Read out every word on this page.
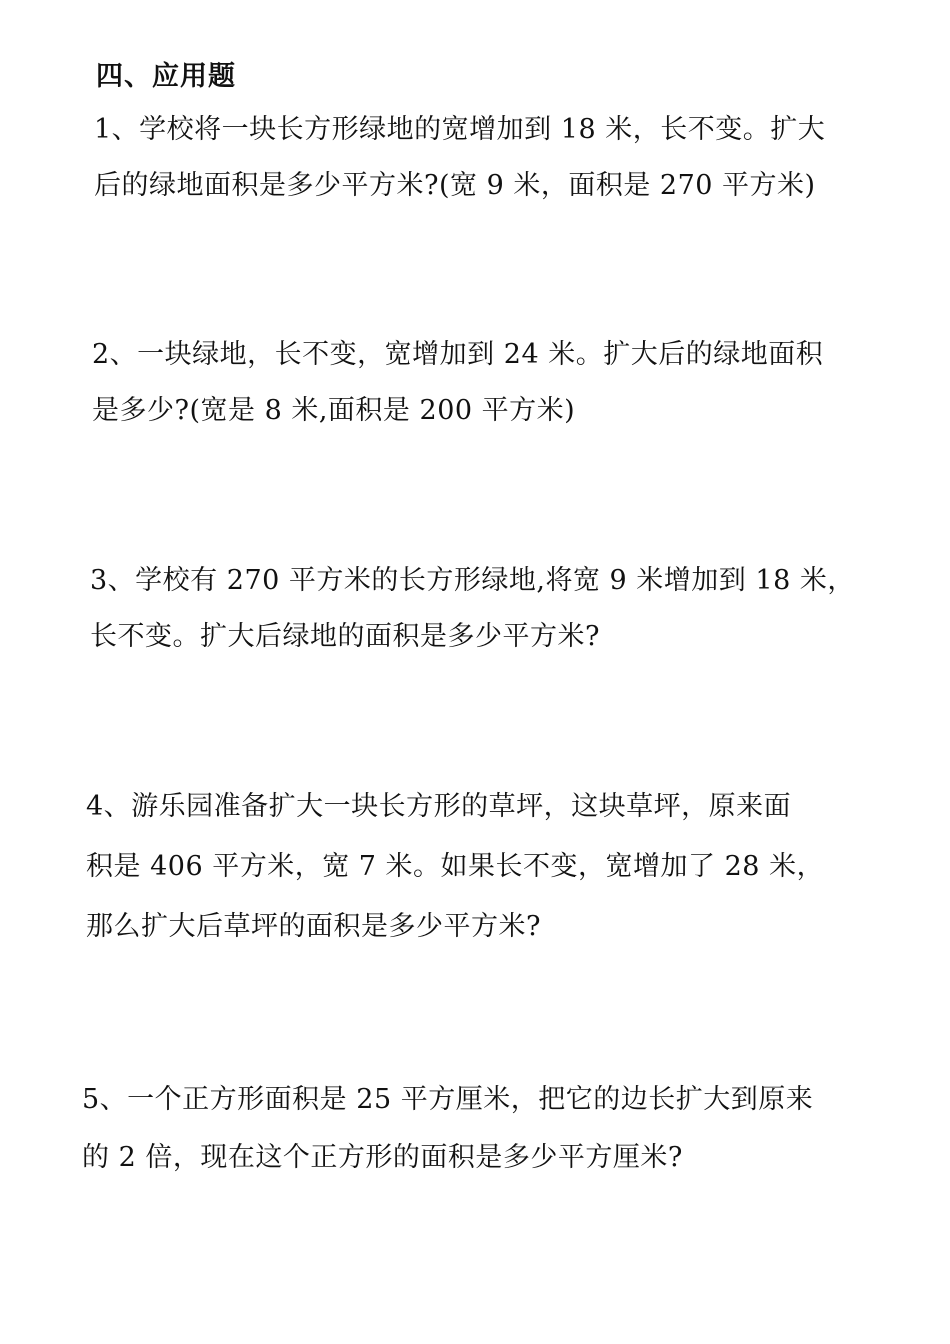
四、应用题
1、学校将一块长方形绿地的宽增加到 18 米，长不变。扩大
后的绿地面积是多少平方米?(宽 9 米，面积是 270 平方米)
2、一块绿地，长不变，宽增加到 24 米。扩大后的绿地面积
是多少?(宽是 8 米,面积是 200 平方米)
3、学校有 270 平方米的长方形绿地,将宽 9 米增加到 18 米，
长不变。扩大后绿地的面积是多少平方米?
4、游乐园准备扩大一块长方形的草坪，这块草坪，原来面
积是 406 平方米，宽 7 米。如果长不变，宽增加了 28 米，
那么扩大后草坪的面积是多少平方米?
5、一个正方形面积是 25 平方厘米，把它的边长扩大到原来
的 2 倍，现在这个正方形的面积是多少平方厘米?
